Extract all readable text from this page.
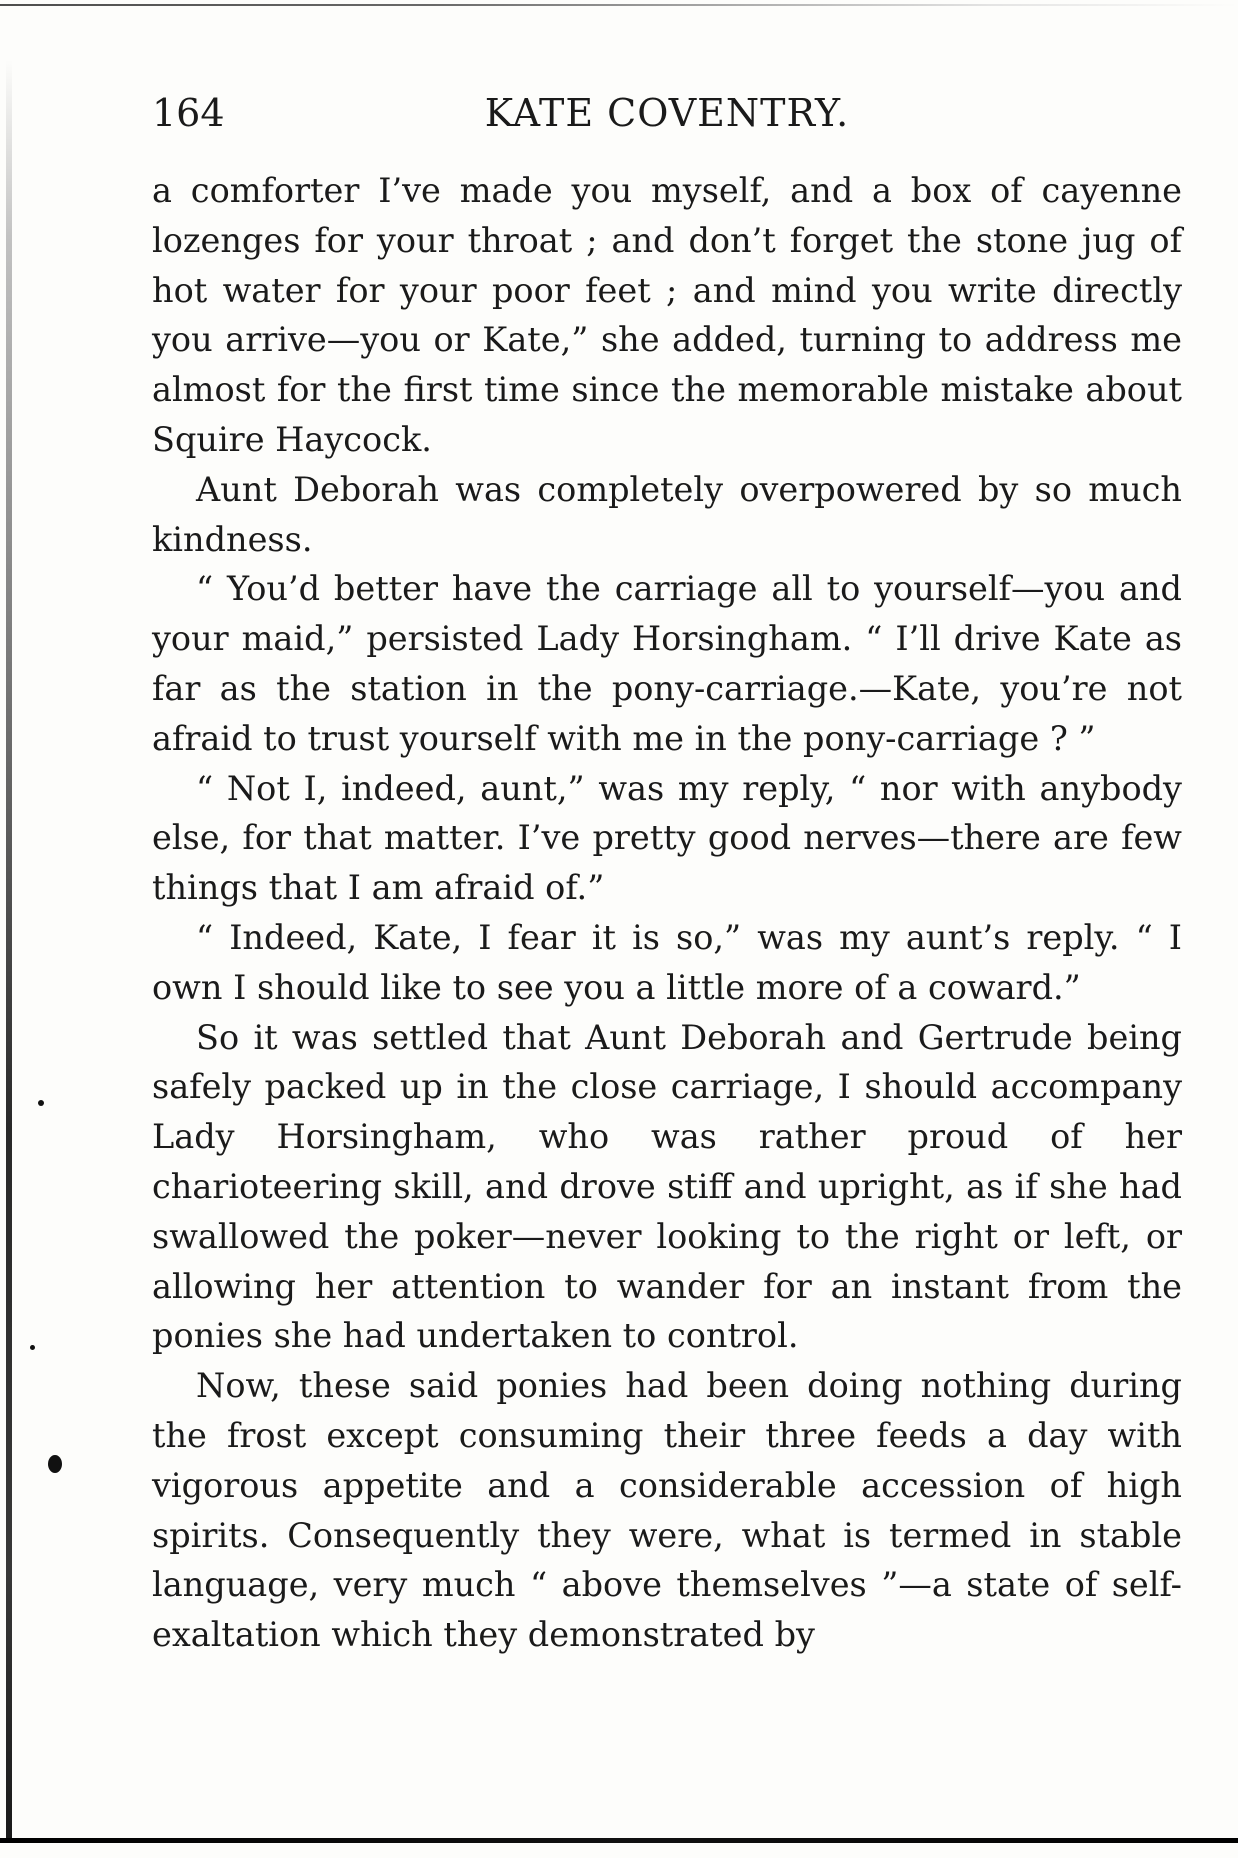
164	KATE COVENTRY.

a comforter I’ve made you myself, and a box of cayenne lozenges for your throat ; and don’t forget the stone jug of hot water for your poor feet ; and mind you write directly you arrive—you or Kate,” she added, turning to address me almost for the first time since the memorable mistake about Squire Haycock.

Aunt Deborah was completely overpowered by so much kindness.

“ You’d better have the carriage all to yourself—you and your maid,” persisted Lady Horsingham. “ I’ll drive Kate as far as the station in the pony-carriage.—Kate, you’re not afraid to trust yourself with me in the pony-carriage ? ”

“ Not I, indeed, aunt,” was my reply, “ nor with anybody else, for that matter. I’ve pretty good nerves—there are few things that I am afraid of.”

“ Indeed, Kate, I fear it is so,” was my aunt’s reply. “ I own I should like to see you a little more of a coward.”

So it was settled that Aunt Deborah and Gertrude being safely packed up in the close carriage, I should accompany Lady Horsingham, who was rather proud of her charioteering skill, and drove stiff and upright, as if she had swallowed the poker—never looking to the right or left, or allowing her attention to wander for an instant from the ponies she had undertaken to control.

Now, these said ponies had been doing nothing during the frost except consuming their three feeds a day with vigorous appetite and a considerable accession of high spirits. Consequently they were, what is termed in stable language, very much “ above themselves ”—a state of self-exaltation which they demonstrated by
